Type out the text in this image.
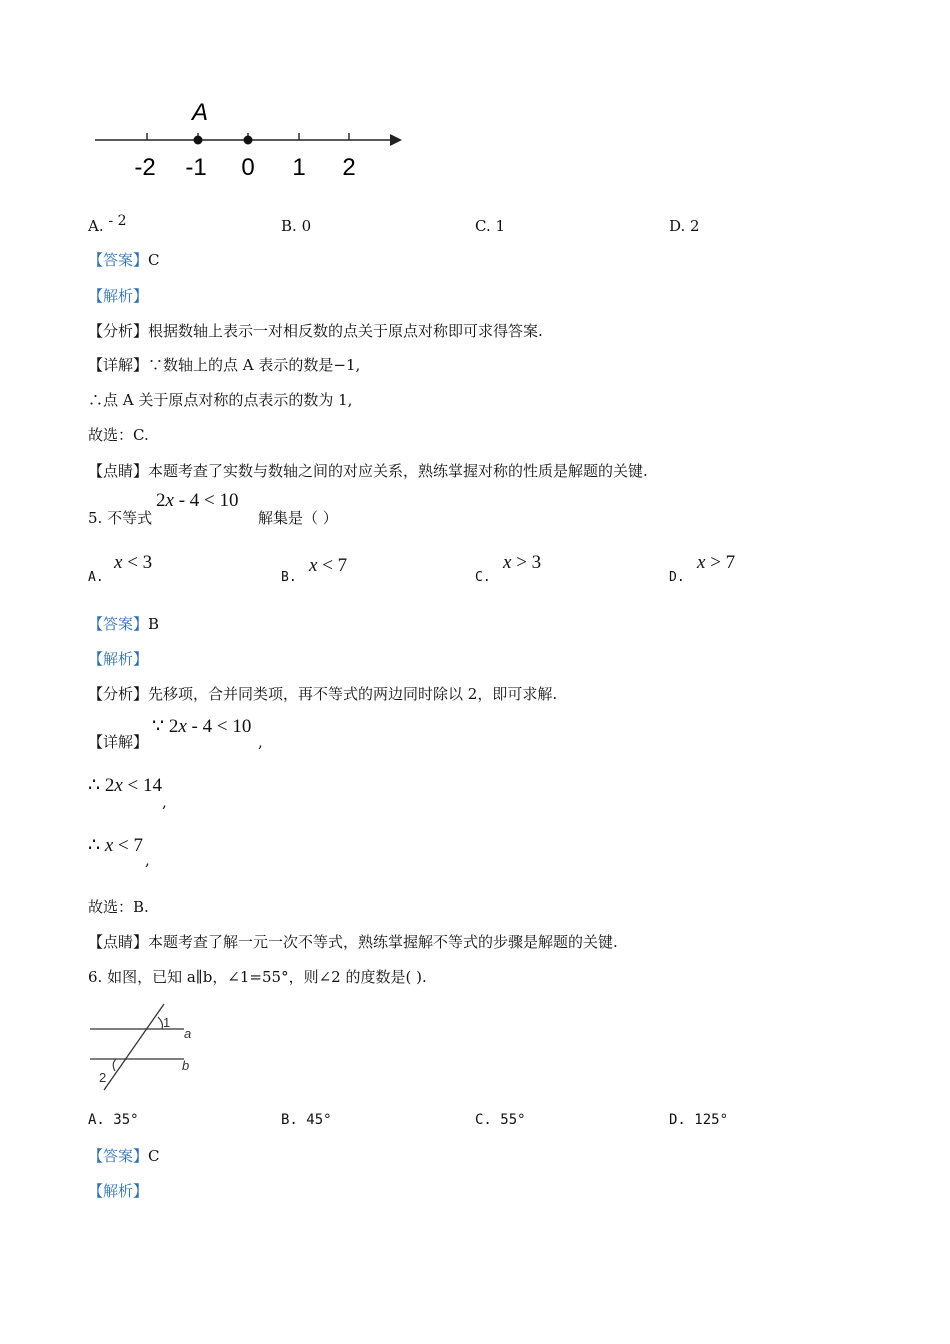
A
-2 -1 0 1 2
A. - 2	B. 0	C. 1	D. 2
【答案】C
【解析】
【分析】根据数轴上表示一对相反数的点关于原点对称即可求得答案.
【详解】∵数轴上的点 A 表示的数是−1,
∴点 A 关于原点对称的点表示的数为 1,
故选：C.
【点睛】本题考查了实数与数轴之间的对应关系，熟练掌握对称的性质是解题的关键.
5. 不等式
2x - 4 < 10
解集是（ ）
A.
x < 3
B.
x < 7
C.
x > 3
D.
x > 7
【答案】B
【解析】
【分析】先移项，合并同类项，再不等式的两边同时除以 2，即可求解.
【详解】
∵ 2x - 4 < 10
,
∴ 2x < 14
,
∴ x < 7
,
故选：B.
【点睛】本题考查了解一元一次不等式，熟练掌握解不等式的步骤是解题的关键.
6. 如图，已知 a∥b，∠1=55°，则∠2 的度数是( ).
1
2
a
b
A. 35°	B. 45°	C. 55°	D. 125°
【答案】C
【解析】
